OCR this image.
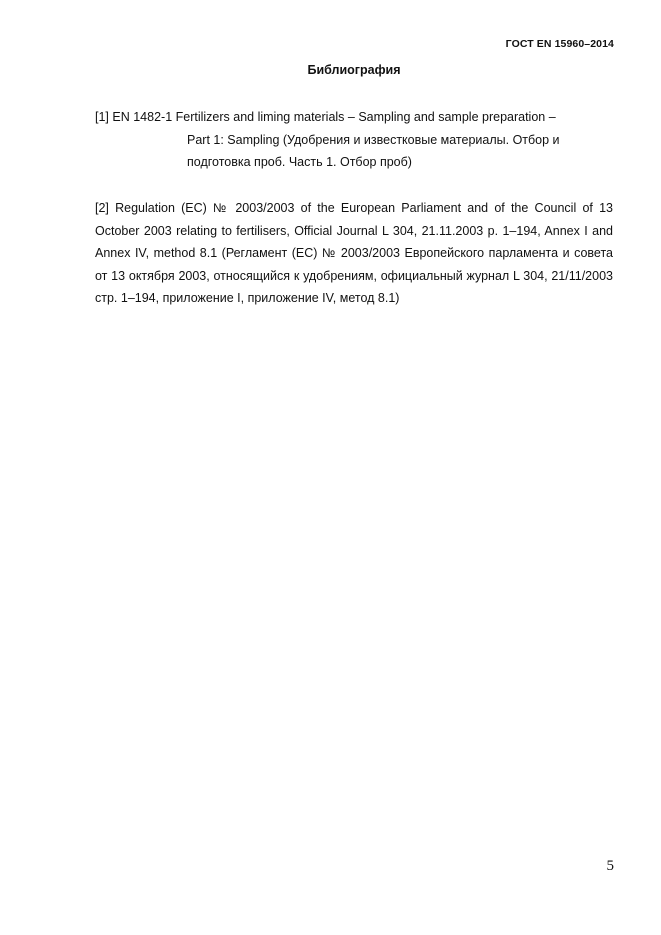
ГОСТ EN 15960–2014
Библиография
[1]
EN 1482-1 Fertilizers and liming materials – Sampling and sample preparation –
Part 1: Sampling (Удобрения и известковые материалы. Отбор и
подготовка проб. Часть 1. Отбор проб)
[2] Regulation (EC) № 2003/2003 of the European Parliament and of the Council of 13 October 2003 relating to fertilisers, Official Journal L 304, 21.11.2003 p. 1–194, Annex I and Annex IV, method 8.1 (Регламент (ЕС) № 2003/2003 Европейского парламента и совета от 13 октября 2003, относящийся к удобрениям, официальный журнал L 304, 21/11/2003 стр. 1–194, приложение I, приложение IV, метод 8.1)
5
